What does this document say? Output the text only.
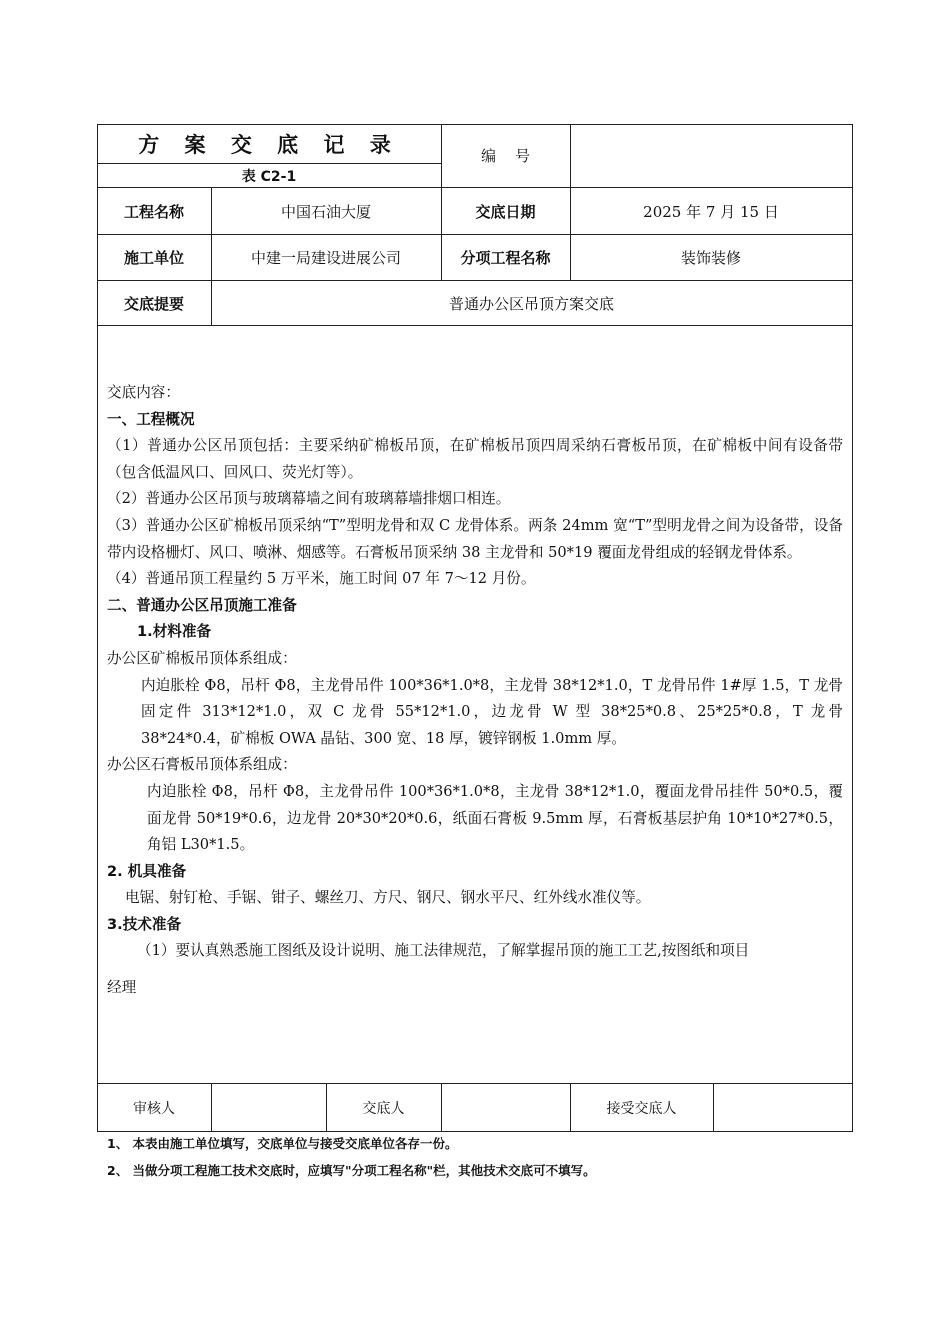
方 案 交 底 记 录
表 C2-1
编    号
工程名称	中国石油大厦	交底日期	2025 年 7 月 15 日
施工单位	中建一局建设进展公司	分项工程名称	装饰装修
交底提要	普通办公区吊顶方案交底

交底内容：

一、工程概况

（1）普通办公区吊顶包括：主要采纳矿棉板吊顶，在矿棉板吊顶四周采纳石膏板吊顶，在矿棉板中间有设备带（包含低温风口、回风口、荧光灯等）。

（2）普通办公区吊顶与玻璃幕墙之间有玻璃幕墙排烟口相连。

（3）普通办公区矿棉板吊顶采纳“T”型明龙骨和双 C 龙骨体系。两条 24mm 宽“T”型明龙骨之间为设备带，设备带内设格栅灯、风口、喷淋、烟感等。石膏板吊顶采纳 38 主龙骨和 50*19 覆面龙骨组成的轻钢龙骨体系。

（4）普通吊顶工程量约 5 万平米，施工时间 07 年 7～12 月份。

二、普通办公区吊顶施工准备

1.材料准备

办公区矿棉板吊顶体系组成：

内迫胀栓 Φ8，吊杆 Φ8，主龙骨吊件 100*36*1.0*8，主龙骨 38*12*1.0，T 龙骨吊件 1#厚 1.5，T 龙骨固定件 313*12*1.0，双 C 龙骨 55*12*1.0，边龙骨 W 型 38*25*0.8、25*25*0.8，T 龙骨 38*24*0.4，矿棉板 OWA 晶钻、300 宽、18 厚，镀锌钢板 1.0mm 厚。

办公区石膏板吊顶体系组成：

内迫胀栓 Φ8，吊杆 Φ8，主龙骨吊件 100*36*1.0*8，主龙骨 38*12*1.0，覆面龙骨吊挂件 50*0.5，覆面龙骨 50*19*0.6，边龙骨 20*30*20*0.6，纸面石膏板 9.5mm 厚，石膏板基层护角 10*10*27*0.5，角铝 L30*1.5。

2. 机具准备

电锯、射钉枪、手锯、钳子、螺丝刀、方尺、钢尺、钢水平尺、红外线水准仪等。

3.技术准备

（1）要认真熟悉施工图纸及设计说明、施工法律规范，了解掌握吊顶的施工工艺,按图纸和项目

经理

审核人	交底人	接受交底人
1、 本表由施工单位填写，交底单位与接受交底单位各存一份。
2、 当做分项工程施工技术交底时，应填写"分项工程名称"栏，其他技术交底可不填写。
